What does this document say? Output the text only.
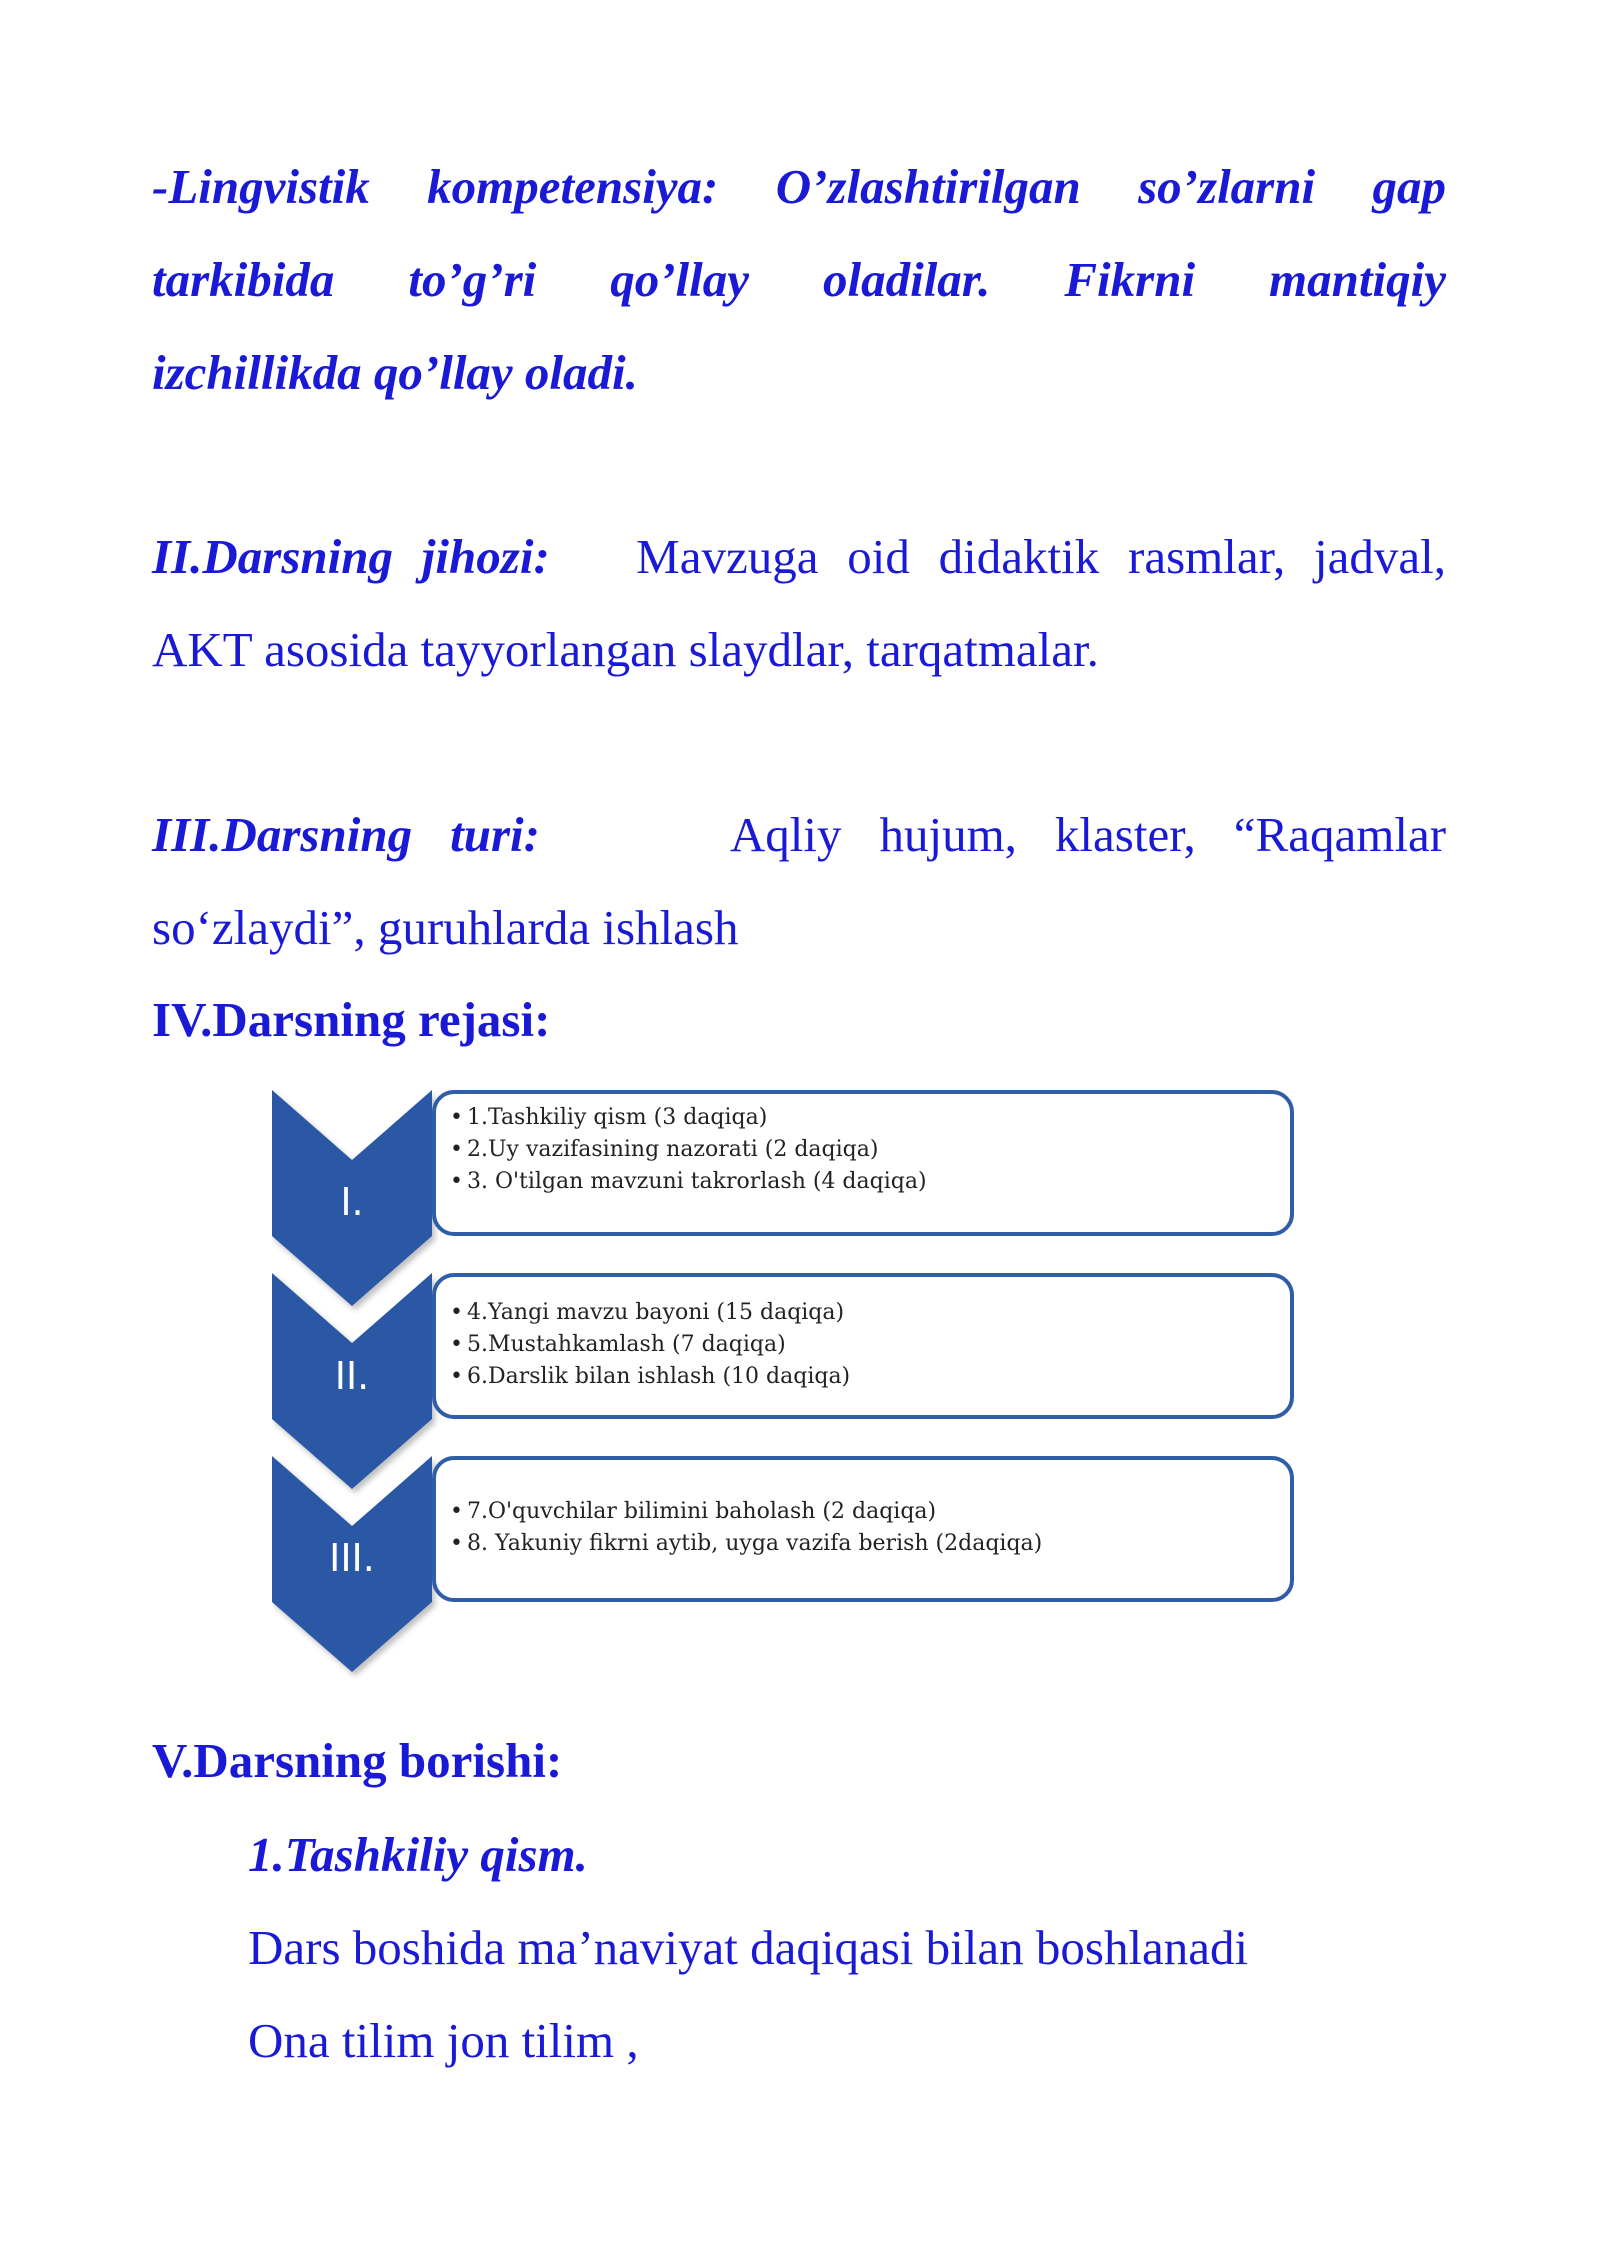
-Lingvistik kompetensiya: O’zlashtirilgan so’zlarni gap

tarkibida to’g’ri qo’llay oladilar. Fikrni mantiqiy

izchillikda qo’llay oladi.

II.Darsning jihozi: Mavzuga oid didaktik rasmlar, jadval,

AKT asosida tayyorlangan slaydlar, tarqatmalar.

III.Darsning turi:	Aqliy hujum, klaster, “Raqamlar

so‘zlaydi”, guruhlarda ishlash

IV.Darsning rejasi:

V.Darsning borishi:

1.Tashkiliy qism.

Dars boshida ma’naviyat daqiqasi bilan boshlanadi

Ona tilim jon tilim ,

I.
II.
III.
• 1.Tashkiliy qism (3 daqiqa)
• 2.Uy vazifasining nazorati (2 daqiqa)
• 3. O'tilgan mavzuni takrorlash (4 daqiqa)
• 4.Yangi mavzu bayoni (15 daqiqa)
• 5.Mustahkamlash (7 daqiqa)
• 6.Darslik bilan ishlash (10 daqiqa)
• 7.O'quvchilar bilimini baholash (2 daqiqa)
• 8. Yakuniy fikrni aytib, uyga vazifa berish (2daqiqa)
